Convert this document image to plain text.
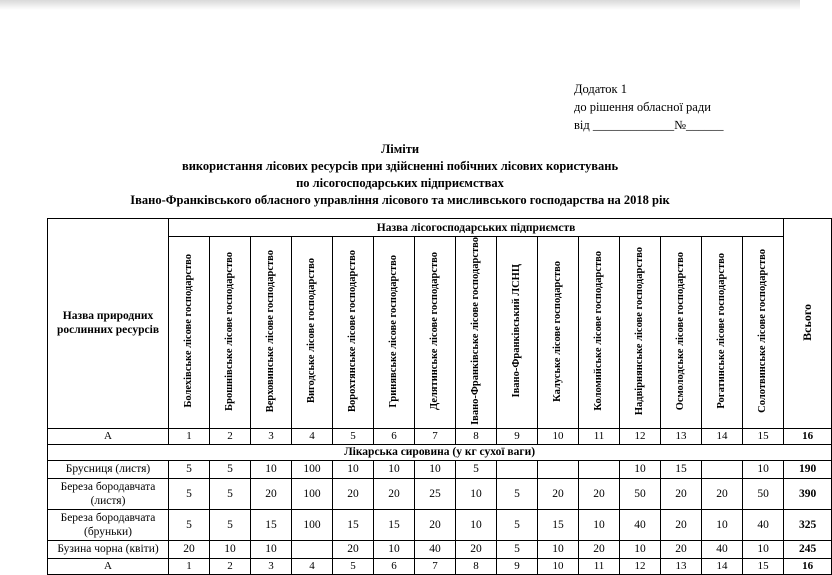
Додаток 1
до рішення обласної ради
від _____________№______
Ліміти
використання лісових ресурсів при здійсненні побічних лісових користувань
по лісогосподарських підприємствах
Івано-Франківського обласного управління лісового та мисливського господарства на 2018 рік
Назва природних рослинних ресурсів	Назва лісогосподарських підприємств															Всього
	Болехівське лісове господарство	Брошнівське лісове господарство	Верховинське лісове господарство	Вигодське лісове господарство	Ворохтянське лісове господарство	Гринявське лісове господарство	Делятинське лісове господарство	Івано-Франківське лісове господарство	Івано-Франківський ЛСНЦ	Калуське лісове господарство	Коломийське лісове господарство	Надвірнянське лісове господарство	Осмолодське лісове господарство	Рогатинське лісове господарство	Солотвинське лісове господарство	
А	1	2	3	4	5	6	7	8	9	10	11	12	13	14	15	16
Лікарська сировина (у кг сухої ваги)																
Брусниця (листя)	5	5	10	100	10	10	10	5				10	15		10	190
Береза бородавчата (листя)	5	5	20	100	20	20	25	10	5	20	20	50	20	20	50	390
Береза бородавчата (бруньки)	5	5	15	100	15	15	20	10	5	15	10	40	20	10	40	325
Бузина чорна (квіти)	20	10	10		20	10	40	20	5	10	20	10	20	40	10	245
А	1	2	3	4	5	6	7	8	9	10	11	12	13	14	15	16
